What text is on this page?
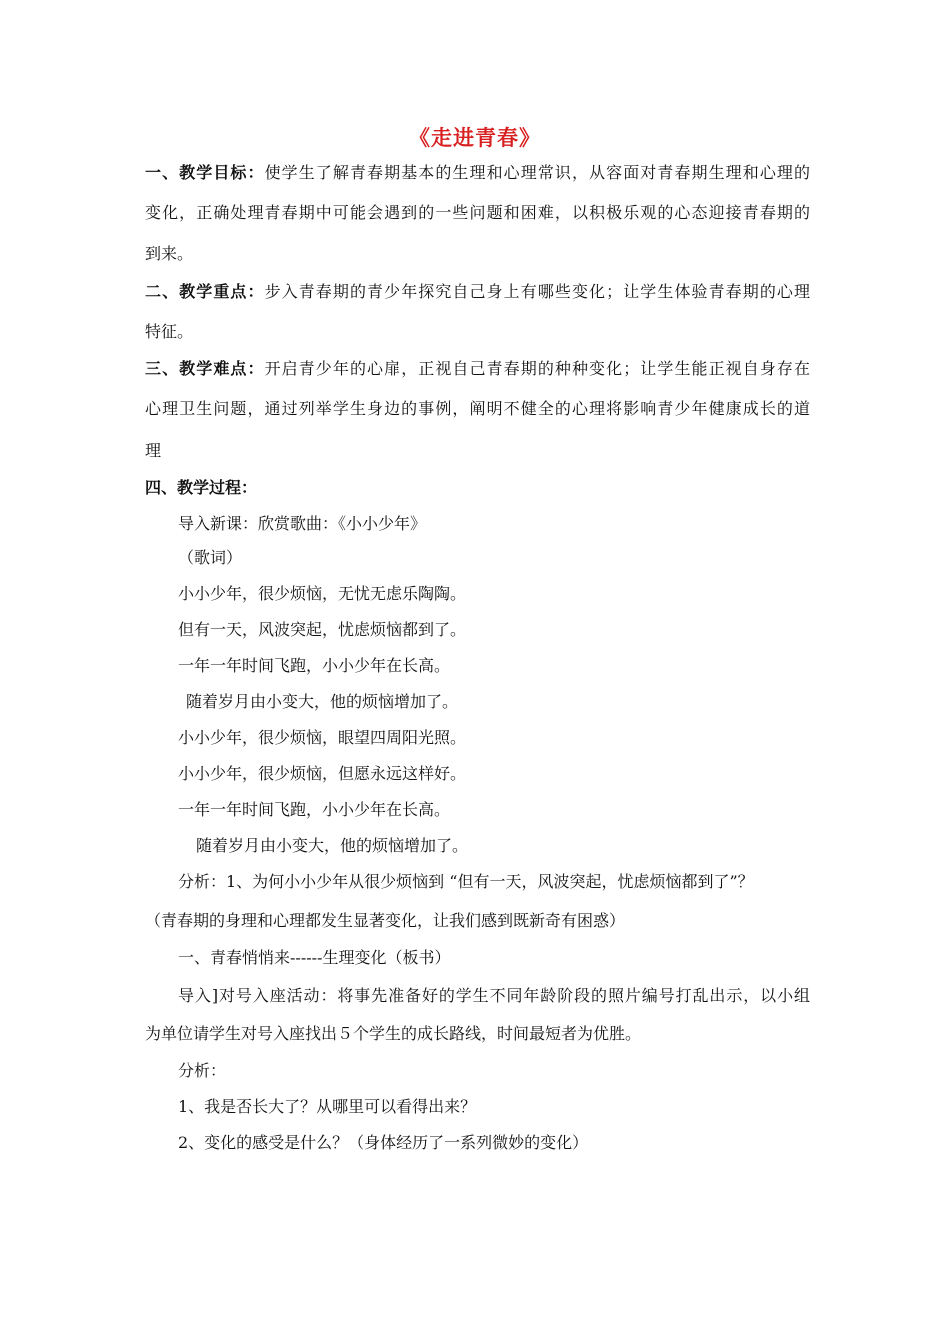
《走进青春》
一、教学目标：使学生了解青春期基本的生理和心理常识，从容面对青春期生理和心理的
变化，正确处理青春期中可能会遇到的一些问题和困难，以积极乐观的心态迎接青春期的
到来。
二、教学重点：步入青春期的青少年探究自己身上有哪些变化；让学生体验青春期的心理
特征。
三、教学难点：开启青少年的心扉，正视自己青春期的种种变化；让学生能正视自身存在
心理卫生问题，通过列举学生身边的事例，阐明不健全的心理将影响青少年健康成长的道
理
四、教学过程：
导入新课：欣赏歌曲：《小小少年》
（歌词）
小小少年，很少烦恼，无忧无虑乐陶陶。
但有一天，风波突起，忧虑烦恼都到了。
一年一年时间飞跑，小小少年在长高。
随着岁月由小变大，他的烦恼增加了。
小小少年，很少烦恼，眼望四周阳光照。
小小少年，很少烦恼，但愿永远这样好。
一年一年时间飞跑，小小少年在长高。
随着岁月由小变大，他的烦恼增加了。
分析：1、为何小小少年从很少烦恼到 “但有一天，风波突起，忧虑烦恼都到了”？
（青春期的身理和心理都发生显著变化，让我们感到既新奇有困惑）
一、青春悄悄来------生理变化（板书）
导入]对号入座活动：将事先准备好的学生不同年龄阶段的照片编号打乱出示，以小组
为单位请学生对号入座找出５个学生的成长路线，时间最短者为优胜。
分析：
1、我是否长大了？从哪里可以看得出来？
2、变化的感受是什么？（身体经历了一系列微妙的变化）
